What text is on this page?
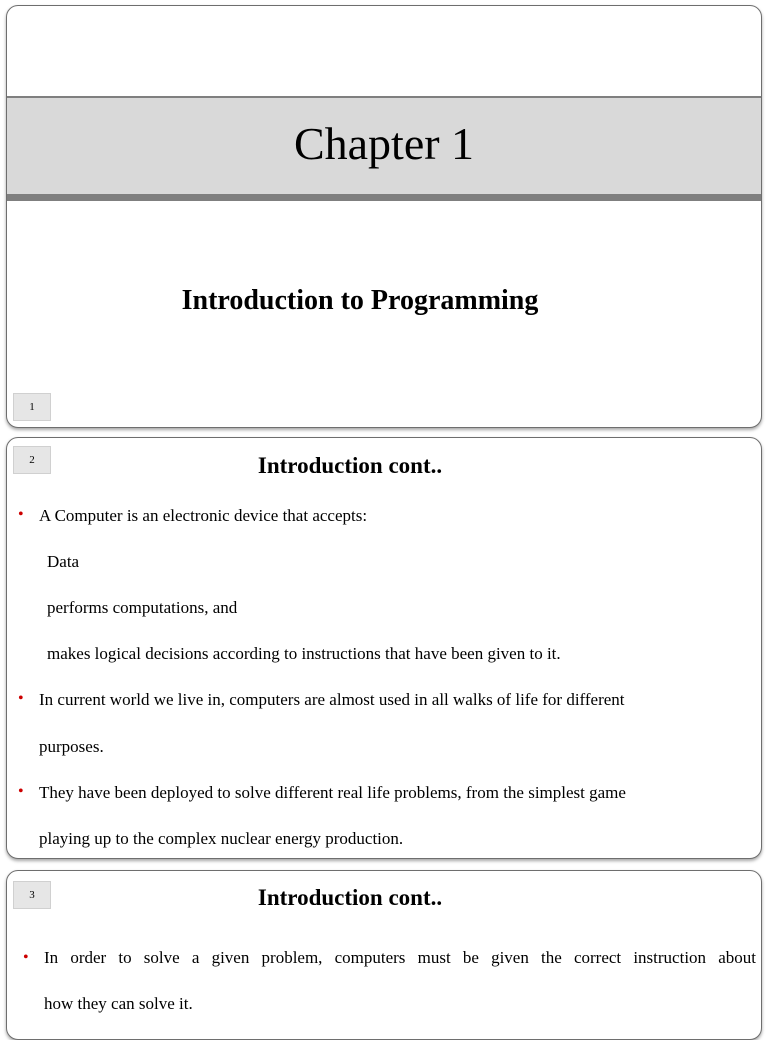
Chapter 1
Introduction to Programming
1
2	Introduction cont..
• A Computer is an electronic device that accepts:
Data
performs computations, and
makes logical decisions according to instructions that have been given to it.
• In current world we live in, computers are almost used in all walks of life for different
purposes.
• They have been deployed to solve different real life problems, from the simplest game
playing up to the complex nuclear energy production.
3	Introduction cont..
• In order to solve a given problem, computers must be given the correct instruction about
how they can solve it.
